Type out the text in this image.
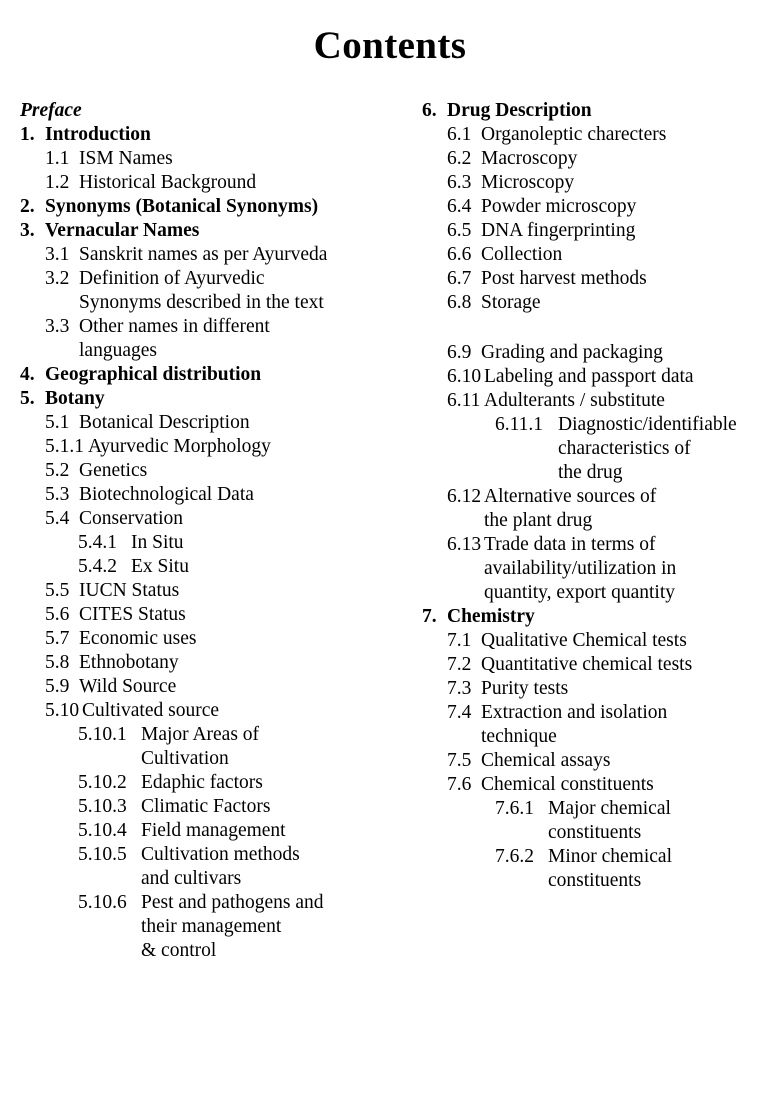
Contents
Preface
1. Introduction
1.1 ISM Names
1.2 Historical Background
2. Synonyms (Botanical Synonyms)
3. Vernacular Names
3.1 Sanskrit names as per Ayurveda
3.2 Definition of Ayurvedic
Synonyms described in the text
3.3 Other names in different
languages
4. Geographical distribution
5. Botany
5.1 Botanical Description
5.1.1 Ayurvedic Morphology
5.2 Genetics
5.3 Biotechnological Data
5.4 Conservation
5.4.1 In Situ
5.4.2 Ex Situ
5.5 IUCN Status
5.6 CITES Status
5.7 Economic uses
5.8 Ethnobotany
5.9 Wild Source
5.10 Cultivated source
5.10.1 Major Areas of
Cultivation
5.10.2 Edaphic factors
5.10.3 Climatic Factors
5.10.4 Field management
5.10.5 Cultivation methods
and cultivars
5.10.6 Pest and pathogens and
their management
& control
6. Drug Description
6.1 Organoleptic charecters
6.2 Macroscopy
6.3 Microscopy
6.4 Powder microscopy
6.5 DNA fingerprinting
6.6 Collection
6.7 Post harvest methods
6.8 Storage
6.9 Grading and packaging
6.10 Labeling and passport data
6.11 Adulterants / substitute
6.11.1 Diagnostic/identifiable
characteristics of
the drug
6.12 Alternative sources of
the plant drug
6.13 Trade data in terms of
availability/utilization in
quantity, export quantity
7. Chemistry
7.1 Qualitative Chemical tests
7.2 Quantitative chemical tests
7.3 Purity tests
7.4 Extraction and isolation
technique
7.5 Chemical assays
7.6 Chemical constituents
7.6.1 Major chemical
constituents
7.6.2 Minor chemical
constituents
